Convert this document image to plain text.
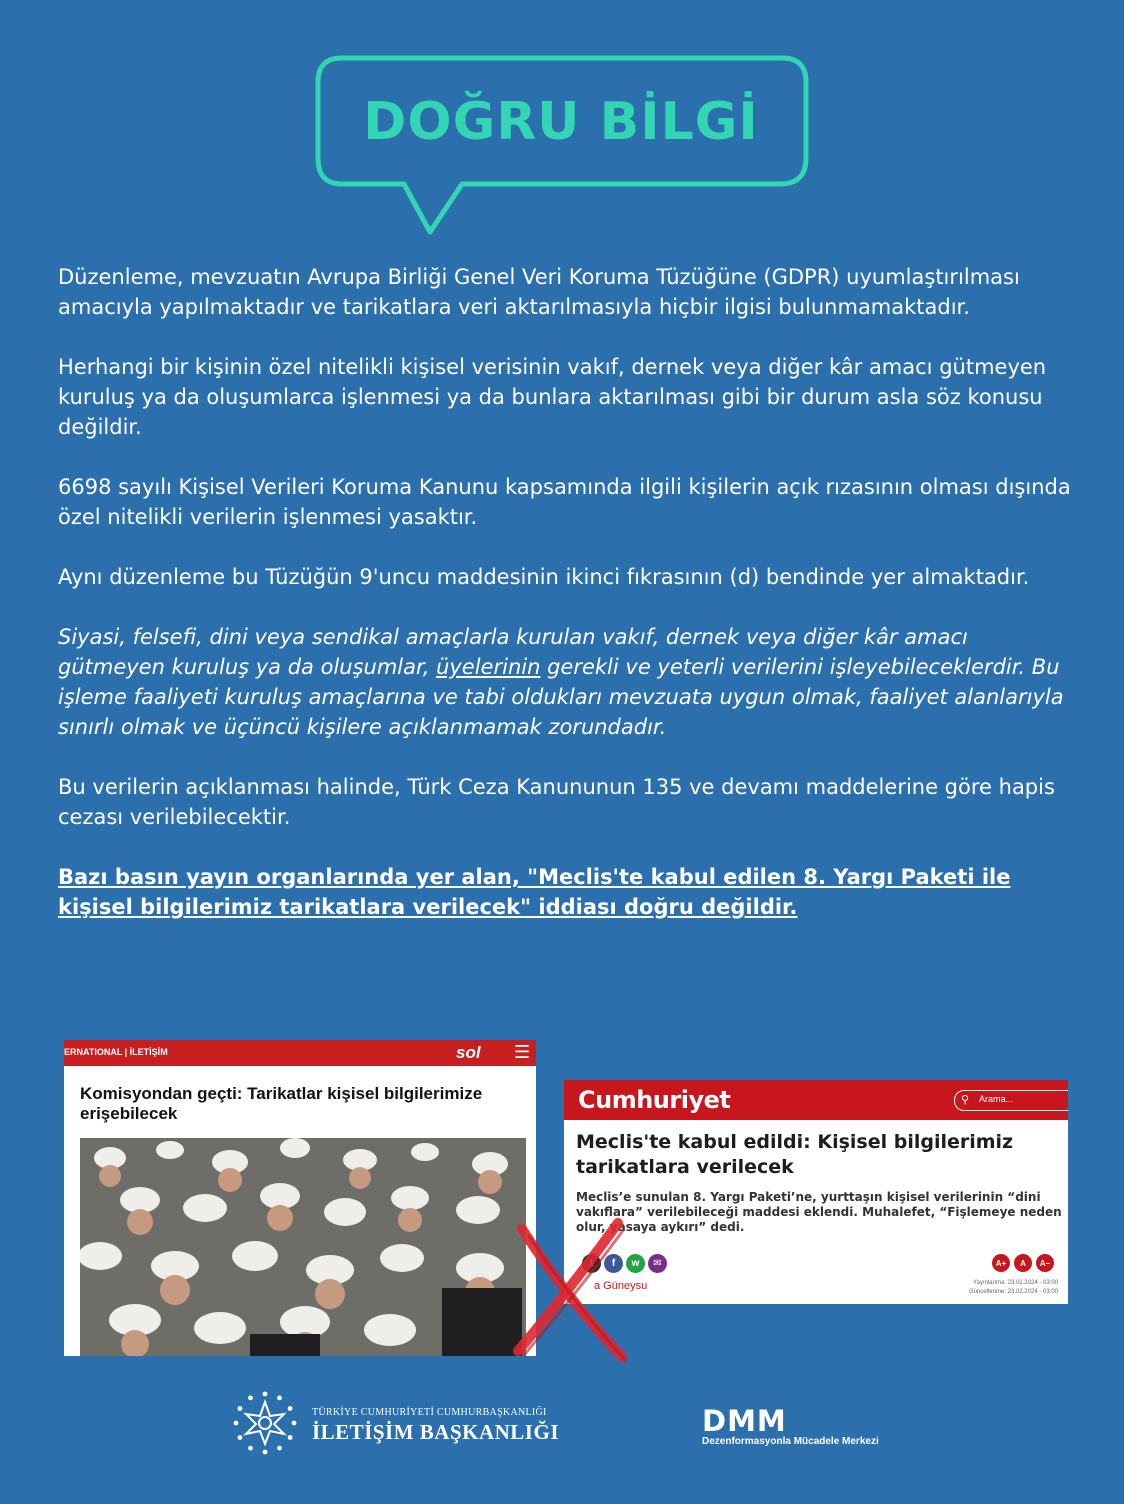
DOĞRU BİLGİ

Düzenleme, mevzuatın Avrupa Birliği Genel Veri Koruma Tüzüğüne (GDPR) uyumlaştırılması amacıyla yapılmaktadır ve tarikatlara veri aktarılmasıyla hiçbir ilgisi bulunmamaktadır.

Herhangi bir kişinin özel nitelikli kişisel verisinin vakıf, dernek veya diğer kâr amacı gütmeyen kuruluş ya da oluşumlarca işlenmesi ya da bunlara aktarılması gibi bir durum asla söz konusu değildir.

6698 sayılı Kişisel Verileri Koruma Kanunu kapsamında ilgili kişilerin açık rızasının olması dışında özel nitelikli verilerin işlenmesi yasaktır.

Aynı düzenleme bu Tüzüğün 9'uncu maddesinin ikinci fıkrasının (d) bendinde yer almaktadır.

Siyasi, felsefi, dini veya sendikal amaçlarla kurulan vakıf, dernek veya diğer kâr amacı gütmeyen kuruluş ya da oluşumlar, üyelerinin gerekli ve yeterli verilerini işleyebileceklerdir. Bu işleme faaliyeti kuruluş amaçlarına ve tabi oldukları mevzuata uygun olmak, faaliyet alanlarıyla sınırlı olmak ve üçüncü kişilere açıklanmamak zorundadır.

Bu verilerin açıklanması halinde, Türk Ceza Kanununun 135 ve devamı maddelerine göre hapis cezası verilebilecektir.

Bazı basın yayın organlarında yer alan, "Meclis'te kabul edilen 8. Yargı Paketi ile kişisel bilgilerimiz tarikatlara verilecek" iddiası doğru değildir.

ERNATIONAL | İLETİŞİM	sol ☰
Komisyondan geçti: Tarikatlar kişisel bilgilerimize erişebilecek	Cumhuriyet	⚲ Arama...
Meclis'te kabul edildi: Kişisel bilgilerimiz tarikatlara verilecek
Meclis’e sunulan 8. Yargı Paketi’ne, yurttaşın kişisel verilerinin “dini vakıflara” verilebileceği maddesi eklendi. Muhalefet, “Fişlemeye neden olur, yasaya aykırı” dedi.
t	f	w	✉
a Güneysu
A+	A	A−
Yayınlanma: 23.02.2024 - 03:00
Güncellenme: 23.02.2024 - 03:00
TÜRKİYE CUMHURİYETİ CUMHURBAŞKANLIĞI
İLETİŞİM BAŞKANLIĞI	DMM
Dezenformasyonla Mücadele Merkezi
